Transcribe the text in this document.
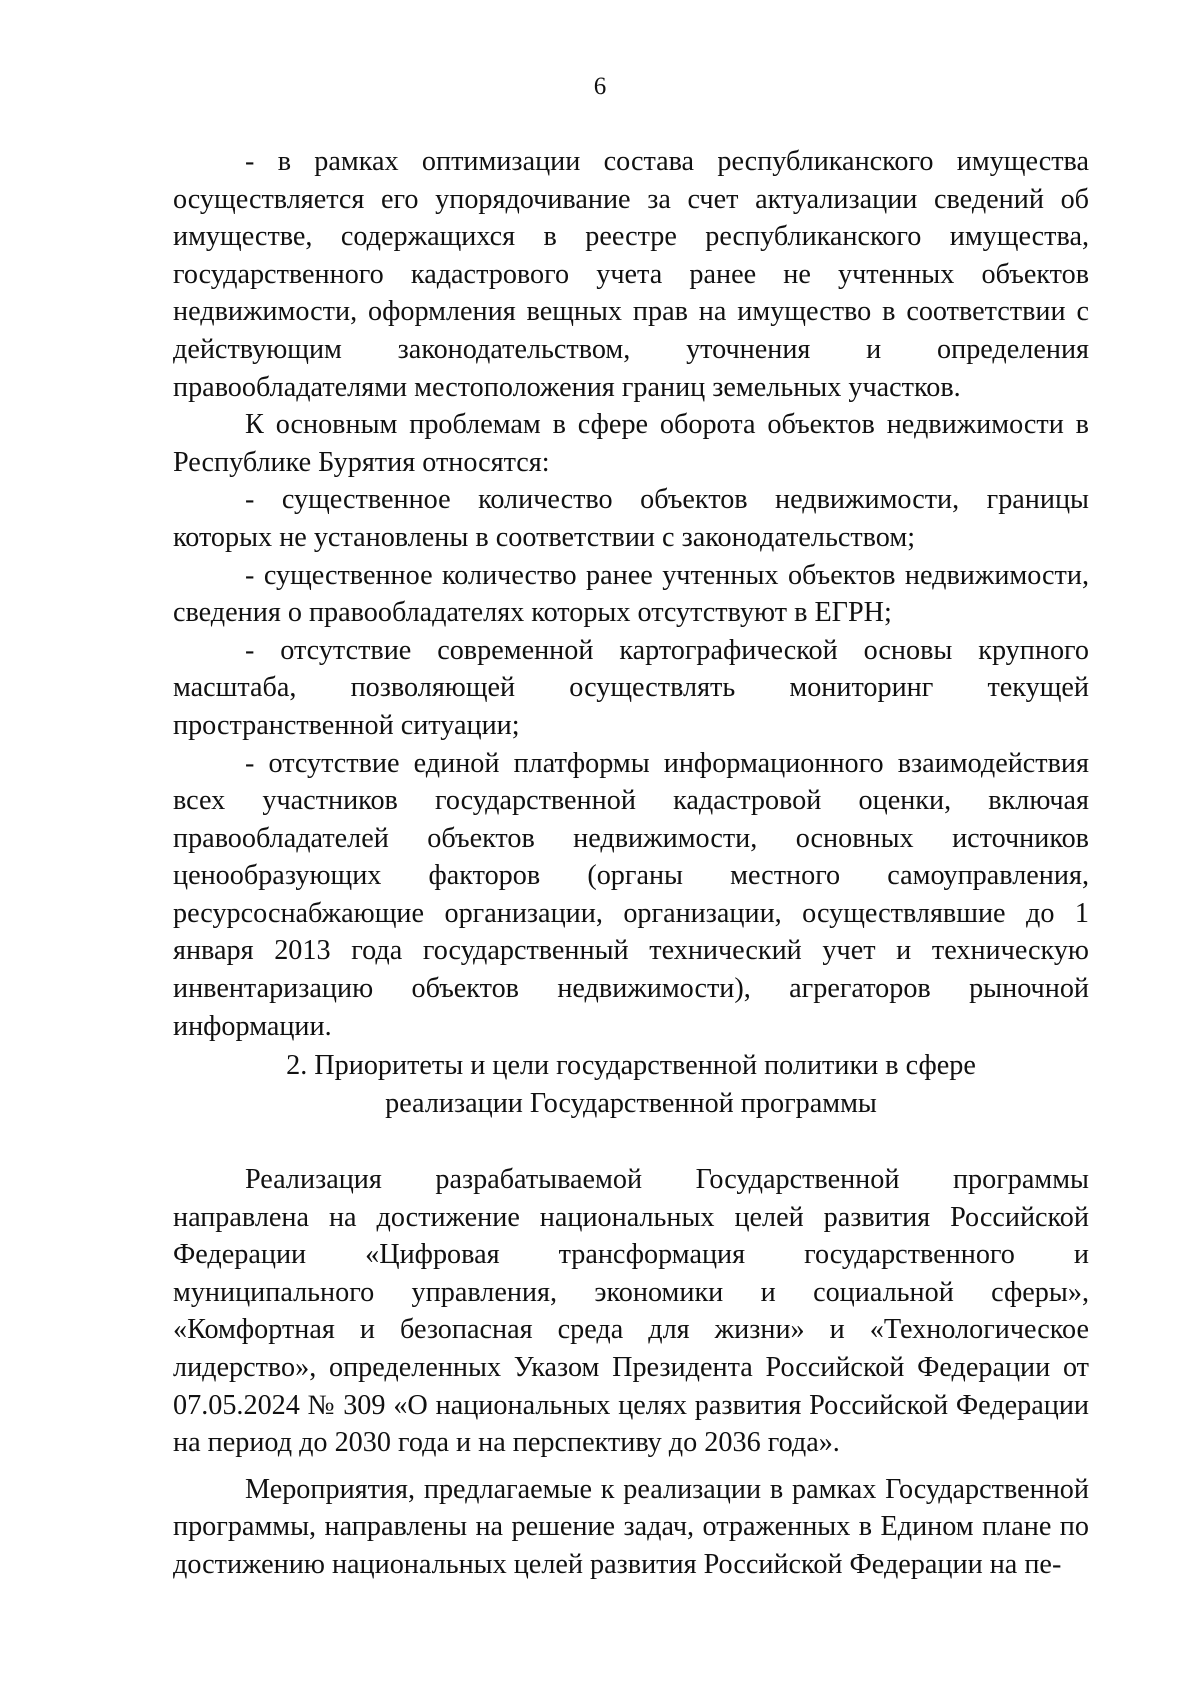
6

- в рамках оптимизации состава республиканского имущества осуществляется его упорядочивание за счет актуализации сведений об имуществе, содержащихся в реестре республиканского имущества, государственного кадастрового учета ранее не учтенных объектов недвижимости, оформления вещных прав на имущество в соответствии с действующим законодательством, уточнения и определения правообладателями местоположения границ земельных участков.

К основным проблемам в сфере оборота объектов недвижимости в Республике Бурятия относятся:

- существенное количество объектов недвижимости, границы которых не установлены в соответствии с законодательством;

- существенное количество ранее учтенных объектов недвижимости, сведения о правообладателях которых отсутствуют в ЕГРН;

- отсутствие современной картографической основы крупного масштаба, позволяющей осуществлять мониторинг текущей пространственной ситуации;

- отсутствие единой платформы информационного взаимодействия всех участников государственной кадастровой оценки, включая правообладателей объектов недвижимости, основных источников ценообразующих факторов (органы местного самоуправления, ресурсоснабжающие организации, организации, осуществлявшие до 1 января 2013 года государственный технический учет и техническую инвентаризацию объектов недвижимости), агрегаторов рыночной информации.

2. Приоритеты и цели государственной политики в сфере
реализации Государственной программы

Реализация разрабатываемой Государственной программы направлена на достижение национальных целей развития Российской Федерации «Цифровая трансформация государственного и муниципального управления, экономики и социальной сферы», «Комфортная и безопасная среда для жизни» и «Технологическое лидерство», определенных Указом Президента Российской Федерации от 07.05.2024 № 309 «О национальных целях развития Российской Федерации на период до 2030 года и на перспективу до 2036 года».

Мероприятия, предлагаемые к реализации в рамках Государственной программы, направлены на решение задач, отраженных в Едином плане по достижению национальных целей развития Российской Федерации на пе-
